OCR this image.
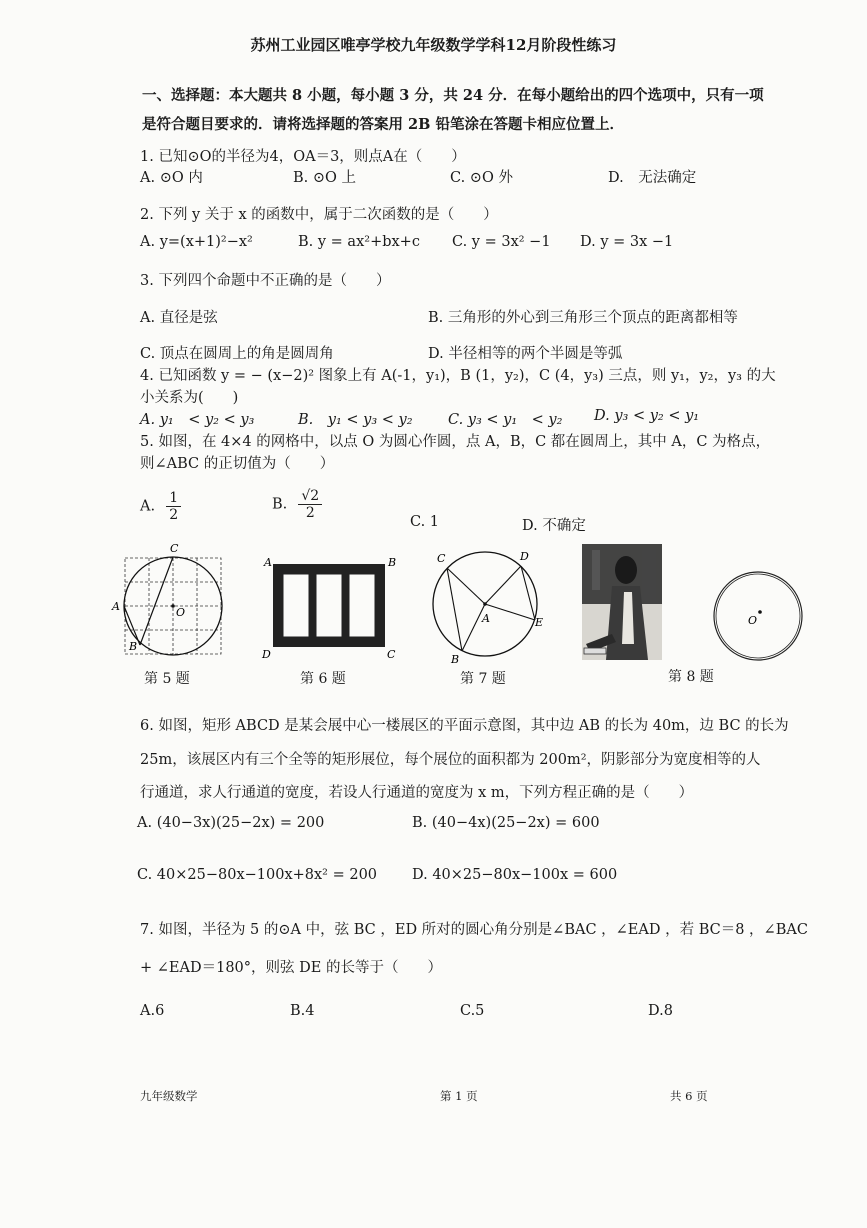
苏州工业园区唯亭学校九年级数学学科12月阶段性练习
一、选择题：本大题共 8 小题，每小题 3 分，共 24 分．在每小题给出的四个选项中，只有一项
是符合题目要求的．请将选择题的答案用 2B 铅笔涂在答题卡相应位置上．
1. 已知⊙O的半径为4，OA＝3，则点A在（　　）
A. ⊙O 内	B. ⊙O 上	C. ⊙O 外	D.　无法确定
2. 下列 y 关于 x 的函数中，属于二次函数的是（　　）
A. y=(x+1)²−x²	B. y = ax²+bx+c C. y = 3x² −1 D. y = 3x −1
3. 下列四个命题中不正确的是（　　）
A. 直径是弦	B. 三角形的外心到三角形三个顶点的距离都相等
C. 顶点在圆周上的角是圆周角	D. 半径相等的两个半圆是等弧
4. 已知函数 y = − (x−2)² 图象上有 A(-1，y₁)，B (1，y₂)，C (4，y₃) 三点，则 y₁，y₂，y₃ 的大
小关系为(　　)
A. y₁　< y₂ < y₃	B.　y₁ < y₃ < y₂ C. y₃ < y₁　< y₂ D. y₃ < y₂ < y₁
5. 如图，在 4×4 的网格中，以点 O 为圆心作圆，点 A，B，C 都在圆周上，其中 A，C 为格点，
则∠ABC 的正切值为（　　）
A. $\frac{1}{2}$	B. $\frac{√2}{2}$
C. 1	D. 不确定
C
A	O
B
第 5 题
A	B
D	C
第 6 题
C	D
A	E
B
第 7 题	第 8 题
O
6. 如图，矩形 ABCD 是某会展中心一楼展区的平面示意图，其中边 AB 的长为 40m，边 BC 的长为
25m，该展区内有三个全等的矩形展位，每个展位的面积都为 200m²，阴影部分为宽度相等的人
行通道，求人行通道的宽度，若设人行通道的宽度为 x m，下列方程正确的是（　　）
A. (40−3x)(25−2x) = 200	B. (40−4x)(25−2x) = 600
C. 40×25−80x−100x+8x² = 200 D. 40×25−80x−100x = 600
7. 如图，半径为 5 的⊙A 中，弦 BC ，ED 所对的圆心角分别是∠BAC ，∠EAD ，若 BC＝8 ，∠BAC
+ ∠EAD＝180°，则弦 DE 的长等于（　　）
A.6	B.4	C.5	D.8
九年级数学	第 1 页	共 6 页
